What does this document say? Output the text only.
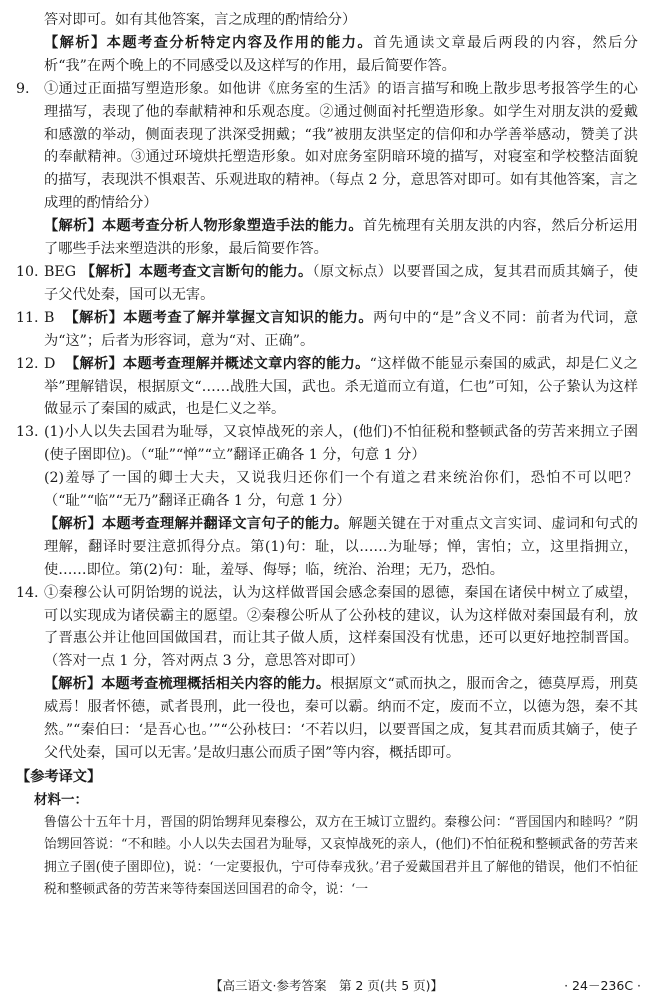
答对即可。如有其他答案，言之成理的酌情给分）
【解析】本题考查分析特定内容及作用的能力。首先通读文章最后两段的内容，然后分析“我”在两个晚上的不同感受以及这样写的作用，最后简要作答。
9.	①通过正面描写塑造形象。如他讲《庶务室的生活》的语言描写和晚上散步思考报答学生的心理描写，表现了他的奉献精神和乐观态度。②通过侧面衬托塑造形象。如学生对朋友洪的爱戴和感激的举动，侧面表现了洪深受拥戴；“我”被朋友洪坚定的信仰和办学善举感动，赞美了洪的奉献精神。③通过环境烘托塑造形象。如对庶务室阴暗环境的描写，对寝室和学校整洁面貌的描写，表现洪不惧艰苦、乐观进取的精神。（每点 2 分，意思答对即可。如有其他答案，言之成理的酌情给分）
【解析】本题考查分析人物形象塑造手法的能力。首先梳理有关朋友洪的内容，然后分析运用了哪些手法来塑造洪的形象，最后简要作答。
10. BEG 【解析】本题考查文言断句的能力。（原文标点）以要晋国之成，复其君而质其嫡子，使子父代处秦，国可以无害。
11. B 【解析】本题考查了解并掌握文言知识的能力。两句中的“是”含义不同：前者为代词，意为“这”；后者为形容词，意为“对、正确”。
12. D 【解析】本题考查理解并概述文章内容的能力。“这样做不能显示秦国的威武，却是仁义之举”理解错误，根据原文“……战胜大国，武也。杀无道而立有道，仁也”可知，公子絷认为这样做显示了秦国的威武，也是仁义之举。
13. (1)小人以失去国君为耻辱，又哀悼战死的亲人，(他们)不怕征税和整顿武备的劳苦来拥立子圉(使子圉即位)。（“耻”“惮”“立”翻译正确各 1 分，句意 1 分）
(2)羞辱了一国的卿士大夫，又说我归还你们一个有道之君来统治你们，恐怕不可以吧？（“耻”“临”“无乃”翻译正确各 1 分，句意 1 分）
【解析】本题考查理解并翻译文言句子的能力。解题关键在于对重点文言实词、虚词和句式的理解，翻译时要注意抓得分点。第(1)句：耻，以……为耻辱；惮，害怕；立，这里指拥立，使……即位。第(2)句：耻，羞辱、侮辱；临，统治、治理；无乃，恐怕。
14. ①秦穆公认可阴饴甥的说法，认为这样做晋国会感念秦国的恩德，秦国在诸侯中树立了威望，可以实现成为诸侯霸主的愿望。②秦穆公听从了公孙枝的建议，认为这样做对秦国最有利，放了晋惠公并让他回国做国君，而让其子做人质，这样秦国没有忧患，还可以更好地控制晋国。（答对一点 1 分，答对两点 3 分，意思答对即可）
【解析】本题考查梳理概括相关内容的能力。根据原文“贰而执之，服而舍之，德莫厚焉，刑莫威焉！服者怀德，贰者畏刑，此一役也，秦可以霸。纳而不定，废而不立，以德为怨，秦不其然。”“秦伯曰：‘是吾心也。’”“公孙枝曰：‘不若以归，以要晋国之成，复其君而质其嫡子，使子父代处秦，国可以无害。’是故归惠公而质子圉”等内容，概括即可。
【参考译文】
材料一：
鲁僖公十五年十月，晋国的阴饴甥拜见秦穆公，双方在王城订立盟约。秦穆公问：“晋国国内和睦吗？”阴饴甥回答说：“不和睦。小人以失去国君为耻辱，又哀悼战死的亲人，(他们)不怕征税和整顿武备的劳苦来拥立子圉(使子圉即位)，说：‘一定要报仇，宁可侍奉戎狄。’君子爱戴国君并且了解他的错误，他们不怕征税和整顿武备的劳苦来等待秦国送回国君的命令，说：‘一
【高三语文·参考答案　第 2 页(共 5 页)】	· 24－236C ·
